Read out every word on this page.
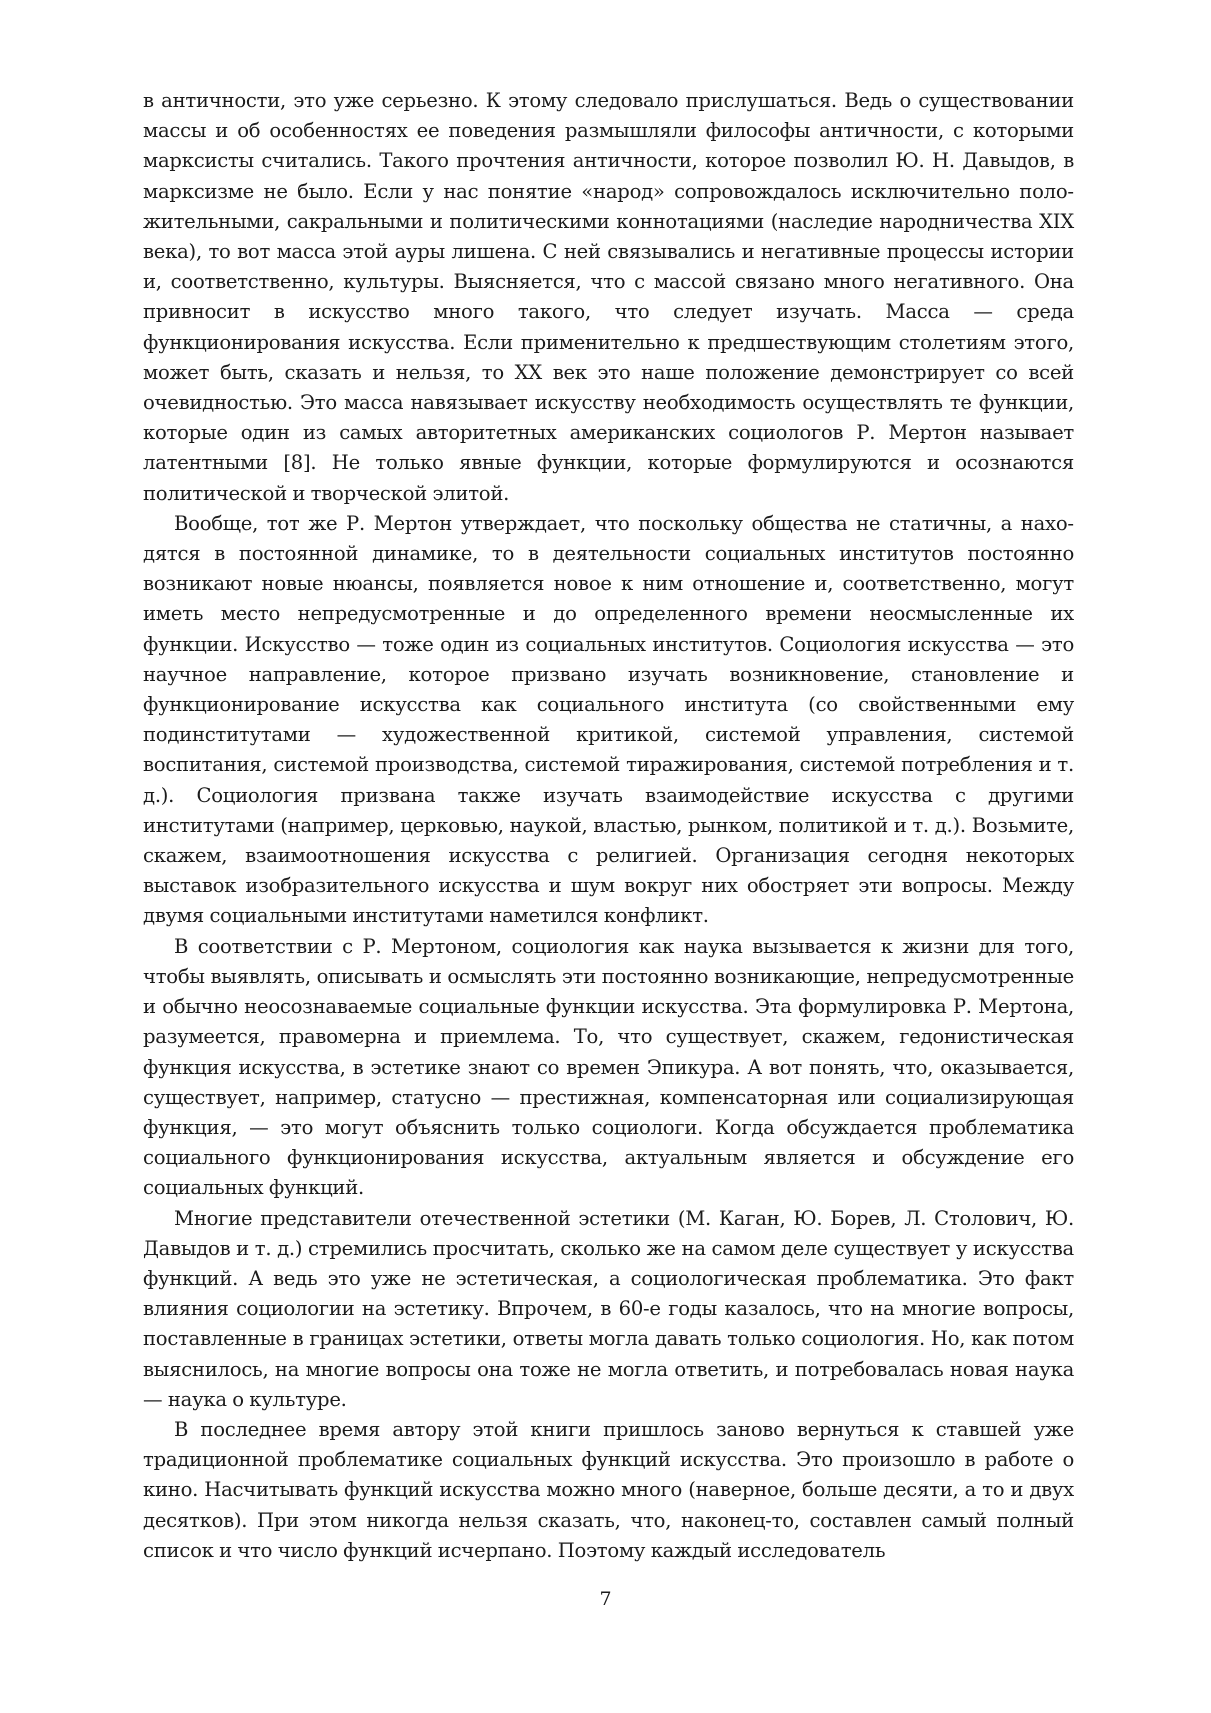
в античности, это уже серьезно. К этому следовало прислушаться. Ведь о существовании массы и об особенностях ее поведения размышляли философы античности, с которыми марксисты считались. Такого прочтения античности, которое позволил Ю. Н. Давыдов, в марксизме не было. Если у нас понятие «народ» сопровождалось исключительно положительными, сакральными и политическими коннотациями (наследие народничества XIX века), то вот масса этой ауры лишена. С ней связывались и негативные процессы истории и, соответственно, культуры. Выясняется, что с массой связано много негативного. Она привносит в искусство много такого, что следует изучать. Масса — среда функционирования искусства. Если применительно к предшествующим столетиям этого, может быть, сказать и нельзя, то XX век это наше положение демонстрирует со всей очевидностью. Это масса навязывает искусству необходимость осуществлять те функции, которые один из самых авторитетных американских социологов Р. Мертон называет латентными [8]. Не только явные функции, которые формулируются и осознаются политической и творческой элитой.

Вообще, тот же Р. Мертон утверждает, что поскольку общества не статичны, а находятся в постоянной динамике, то в деятельности социальных институтов постоянно возникают новые нюансы, появляется новое к ним отношение и, соответственно, могут иметь место непредусмотренные и до определенного времени неосмысленные их функции. Искусство — тоже один из социальных институтов. Социология искусства — это научное направление, которое призвано изучать возникновение, становление и функционирование искусства как социального института (со свойственными ему подинститутами — художественной критикой, системой управления, системой воспитания, системой производства, системой тиражирования, системой потребления и т. д.). Социология призвана также изучать взаимодействие искусства с другими институтами (например, церковью, наукой, властью, рынком, политикой и т. д.). Возьмите, скажем, взаимоотношения искусства с религией. Организация сегодня некоторых выставок изобразительного искусства и шум вокруг них обостряет эти вопросы. Между двумя социальными институтами наметился конфликт.

В соответствии с Р. Мертоном, социология как наука вызывается к жизни для того, чтобы выявлять, описывать и осмыслять эти постоянно возникающие, непредусмотренные и обычно неосознаваемые социальные функции искусства. Эта формулировка Р. Мертона, разумеется, правомерна и приемлема. То, что существует, скажем, гедонистическая функция искусства, в эстетике знают со времен Эпикура. А вот понять, что, оказывается, существует, например, статусно — престижная, компенсаторная или социализирующая функция, — это могут объяснить только социологи. Когда обсуждается проблематика социального функционирования искусства, актуальным является и обсуждение его социальных функций.

Многие представители отечественной эстетики (М. Каган, Ю. Борев, Л. Столович, Ю. Давыдов и т. д.) стремились просчитать, сколько же на самом деле существует у искусства функций. А ведь это уже не эстетическая, а социологическая проблематика. Это факт влияния социологии на эстетику. Впрочем, в 60-е годы казалось, что на многие вопросы, поставленные в границах эстетики, ответы могла давать только социология. Но, как потом выяснилось, на многие вопросы она тоже не могла ответить, и потребовалась новая наука — наука о культуре.

В последнее время автору этой книги пришлось заново вернуться к ставшей уже традиционной проблематике социальных функций искусства. Это произошло в работе о кино. Насчитывать функций искусства можно много (наверное, больше десяти, а то и двух десятков). При этом никогда нельзя сказать, что, наконец-то, составлен самый полный список и что число функций исчерпано. Поэтому каждый исследователь

7
